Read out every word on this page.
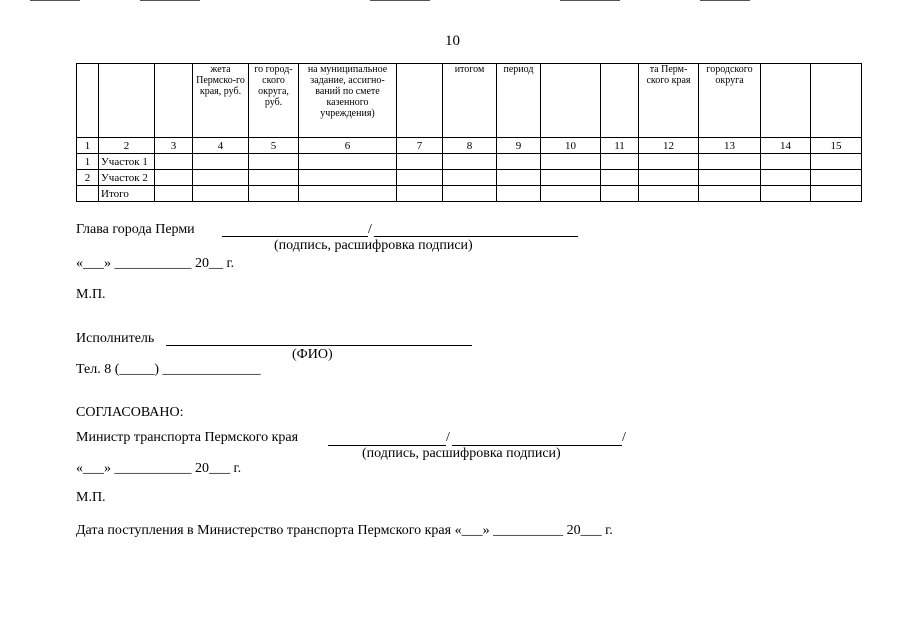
10
			жета Пермско-го края, руб.	го город-ского округа, руб.	на муниципальное задание, ассигно-ваний по смете казенного учреждения)		итогом	период			та Перм-ского края	городского округа		
1	2	3	4	5	6	7	8	9	10	11	12	13	14	15
1	Участок 1													
2	Участок 2													
	Итого													
Глава города Перми	/
(подпись, расшифровка подписи)
«___» ___________ 20__ г.
М.П.
Исполнитель
(ФИО)
Тел. 8 (_____) ______________
СОГЛАСОВАНО:
Министр транспорта Пермского края	/	/
(подпись, расшифровка подписи)
«___» ___________ 20___ г.
М.П.
Дата поступления в Министерство транспорта Пермского края «___» __________ 20___ г.
